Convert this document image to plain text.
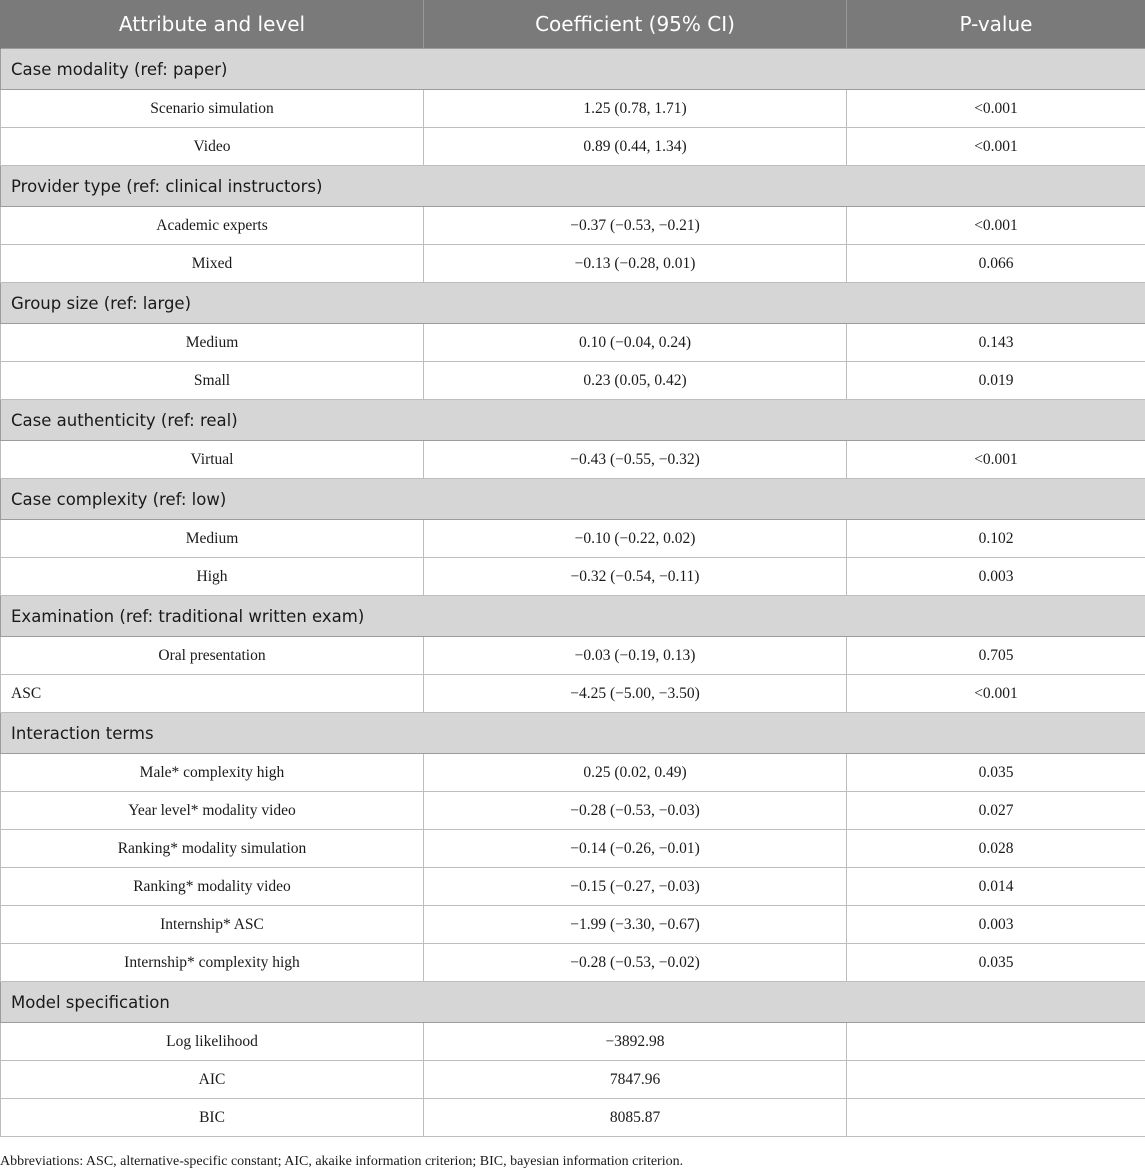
Attribute and level	Coefficient (95% CI)	P-value
Case modality (ref: paper)		
Scenario simulation	1.25 (0.78, 1.71)	<0.001
Video	0.89 (0.44, 1.34)	<0.001
Provider type (ref: clinical instructors)		
Academic experts	−0.37 (−0.53, −0.21)	<0.001
Mixed	−0.13 (−0.28, 0.01)	0.066
Group size (ref: large)		
Medium	0.10 (−0.04, 0.24)	0.143
Small	0.23 (0.05, 0.42)	0.019
Case authenticity (ref: real)		
Virtual	−0.43 (−0.55, −0.32)	<0.001
Case complexity (ref: low)		
Medium	−0.10 (−0.22, 0.02)	0.102
High	−0.32 (−0.54, −0.11)	0.003
Examination (ref: traditional written exam)		
Oral presentation	−0.03 (−0.19, 0.13)	0.705
ASC	−4.25 (−5.00, −3.50)	<0.001
Interaction terms		
Male* complexity high	0.25 (0.02, 0.49)	0.035
Year level* modality video	−0.28 (−0.53, −0.03)	0.027
Ranking* modality simulation	−0.14 (−0.26, −0.01)	0.028
Ranking* modality video	−0.15 (−0.27, −0.03)	0.014
Internship* ASC	−1.99 (−3.30, −0.67)	0.003
Internship* complexity high	−0.28 (−0.53, −0.02)	0.035
Model specification		
Log likelihood	−3892.98	
AIC	7847.96	
BIC	8085.87	
Abbreviations: ASC, alternative-specific constant; AIC, akaike information criterion; BIC, bayesian information criterion.
